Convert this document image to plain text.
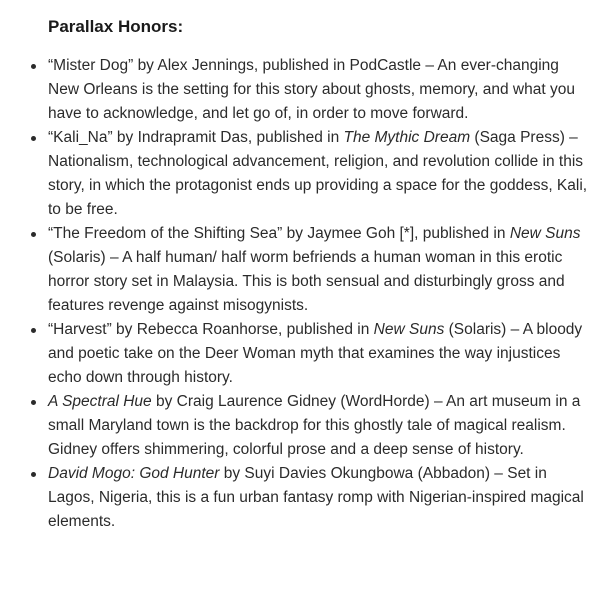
Parallax Honors:
“Mister Dog” by Alex Jennings, published in PodCastle – An ever-changing New Orleans is the setting for this story about ghosts, memory, and what you have to acknowledge, and let go of, in order to move forward.
“Kali_Na” by Indrapramit Das, published in The Mythic Dream (Saga Press) – Nationalism, technological advancement, religion, and revolution collide in this story, in which the protagonist ends up providing a space for the goddess, Kali, to be free.
“The Freedom of the Shifting Sea” by Jaymee Goh [*], published in New Suns (Solaris) – A half human/ half worm befriends a human woman in this erotic horror story set in Malaysia. This is both sensual and disturbingly gross and features revenge against misogynists.
“Harvest” by Rebecca Roanhorse, published in New Suns (Solaris) – A bloody and poetic take on the Deer Woman myth that examines the way injustices echo down through history.
A Spectral Hue by Craig Laurence Gidney (WordHorde) – An art museum in a small Maryland town is the backdrop for this ghostly tale of magical realism. Gidney offers shimmering, colorful prose and a deep sense of history.
David Mogo: God Hunter by Suyi Davies Okungbowa (Abbadon) – Set in Lagos, Nigeria, this is a fun urban fantasy romp with Nigerian-inspired magical elements.
